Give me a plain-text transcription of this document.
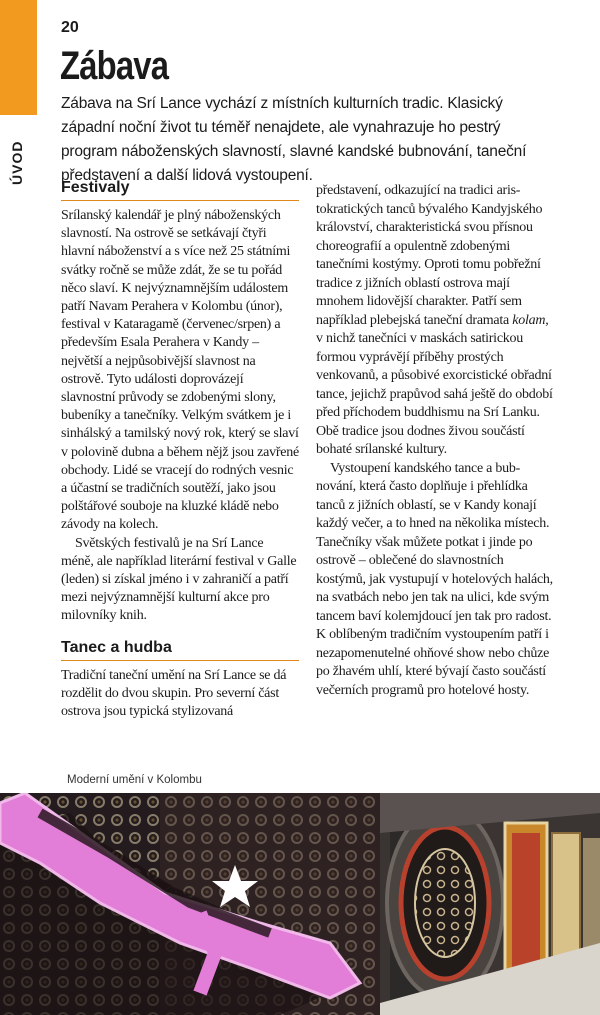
ÚVOD
20
Zábava

Zábava na Srí Lance vychází z místních kulturních tradic. Klasický západní noční život tu téměř nenajdete, ale vynahrazuje ho pestrý program náboženských slavností, slavné kandské bubnování, taneční představení a další lidová vystoupení.

Festivaly

Srílanský kalendář je plný náboženských slavností. Na ostrově se setkávají čtyři hlavní náboženství a s více než 25 státními svátky ročně se může zdát, že se tu pořád něco slaví. K nejvýznamnějším událostem patří Navam Perahera v Kolombu (únor), festival v Kataragamě (červenec/srpen) a především Esala Perahera v Kandy – největší a nejpůsobivější slavnost na ostrově. Tyto události doprovázejí slavnostní průvody se zdobenými slony, bubeníky a tanečníky. Velkým svátkem je i sinhálský a tamilský nový rok, který se slaví v polovině dubna a během nějž jsou zavřené obchody. Lidé se vracejí do rodných vesnic a účastní se tradičních soutěží, jako jsou polštářové souboje na kluzké kládě nebo závody na kolech.

Světských festivalů je na Srí Lance méně, ale například literární festival v Galle (leden) si získal jméno i v zahraničí a patří mezi nejvýznamnější kulturní akce pro milovníky knih.

Tanec a hudba

Tradiční taneční umění na Srí Lance se dá rozdělit do dvou skupin. Pro severní část ostrova jsou typická stylizovaná

představení, odkazující na tradici aristokratických tanců bývalého Kandyjského království, charakteristická svou přísnou choreografií a opulentně zdobenými tanečními kostýmy. Oproti tomu pobřežní tradice z jižních oblastí ostrova mají mnohem lidovější charakter. Patří sem například plebejská taneční dramata kolam, v nichž tanečníci v maskách satirickou formou vyprávějí příběhy prostých venkovanů, a působivé exorcistické obřadní tance, jejichž prapůvod sahá ještě do období před příchodem buddhismu na Srí Lanku. Obě tradice jsou dodnes živou součástí bohaté srílanské kultury.

Vystoupení kandského tance a bubnování, která často doplňuje i přehlídka tanců z jižních oblastí, se v Kandy konají každý večer, a to hned na několika místech. Tanečníky však můžete potkat i jinde po ostrově – oblečené do slavnostních kostýmů, jak vystupují v hotelových halách, na svatbách nebo jen tak na ulici, kde svým tancem baví kolemjdoucí jen tak pro radost. K oblíbeným tradičním vystoupením patří i nezapomenutelné ohňové show nebo chůze po žhavém uhlí, které bývají často součástí večerních programů pro hotelové hosty.

Moderní umění v Kolombu
